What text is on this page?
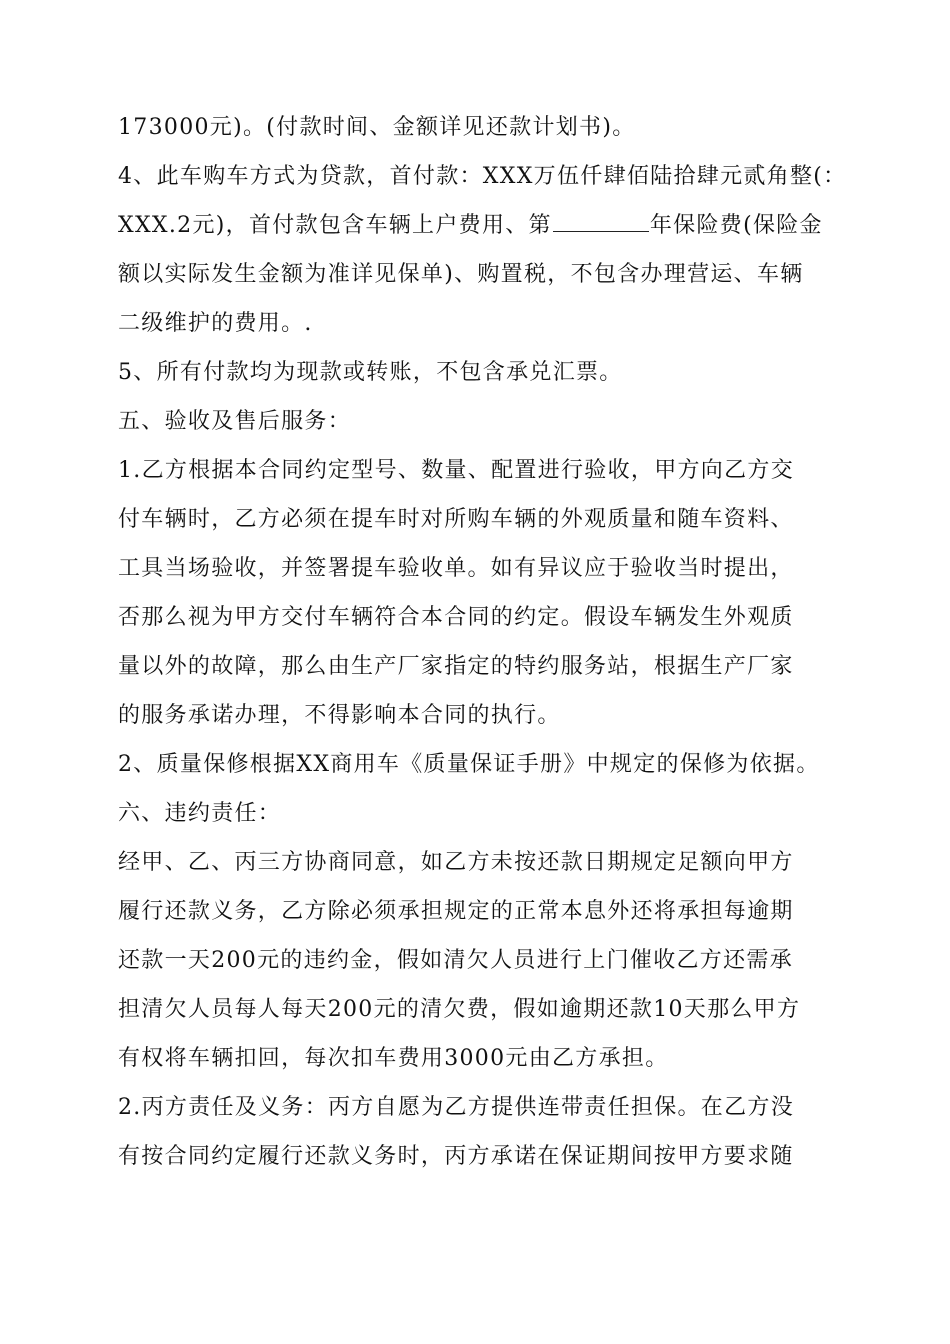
173000元)。(付款时间、金额详见还款计划书)。
4、此车购车方式为贷款，首付款：XXX万伍仟肆佰陆拾肆元贰角整(：
XXX.2元)，首付款包含车辆上户费用、第	年保险费(保险金
额以实际发生金额为准详见保单)、购置税，不包含办理营运、车辆
二级维护的费用。.
5、所有付款均为现款或转账，不包含承兑汇票。
五、验收及售后服务：
1.乙方根据本合同约定型号、数量、配置进行验收，甲方向乙方交
付车辆时，乙方必须在提车时对所购车辆的外观质量和随车资料、
工具当场验收，并签署提车验收单。如有异议应于验收当时提出，
否那么视为甲方交付车辆符合本合同的约定。假设车辆发生外观质
量以外的故障，那么由生产厂家指定的特约服务站，根据生产厂家
的服务承诺办理，不得影响本合同的执行。
2、质量保修根据XX商用车《质量保证手册》中规定的保修为依据。
六、违约责任：
经甲、乙、丙三方协商同意，如乙方未按还款日期规定足额向甲方
履行还款义务，乙方除必须承担规定的正常本息外还将承担每逾期
还款一天200元的违约金，假如清欠人员进行上门催收乙方还需承
担清欠人员每人每天200元的清欠费，假如逾期还款10天那么甲方
有权将车辆扣回，每次扣车费用3000元由乙方承担。
2.丙方责任及义务：丙方自愿为乙方提供连带责任担保。在乙方没
有按合同约定履行还款义务时，丙方承诺在保证期间按甲方要求随
